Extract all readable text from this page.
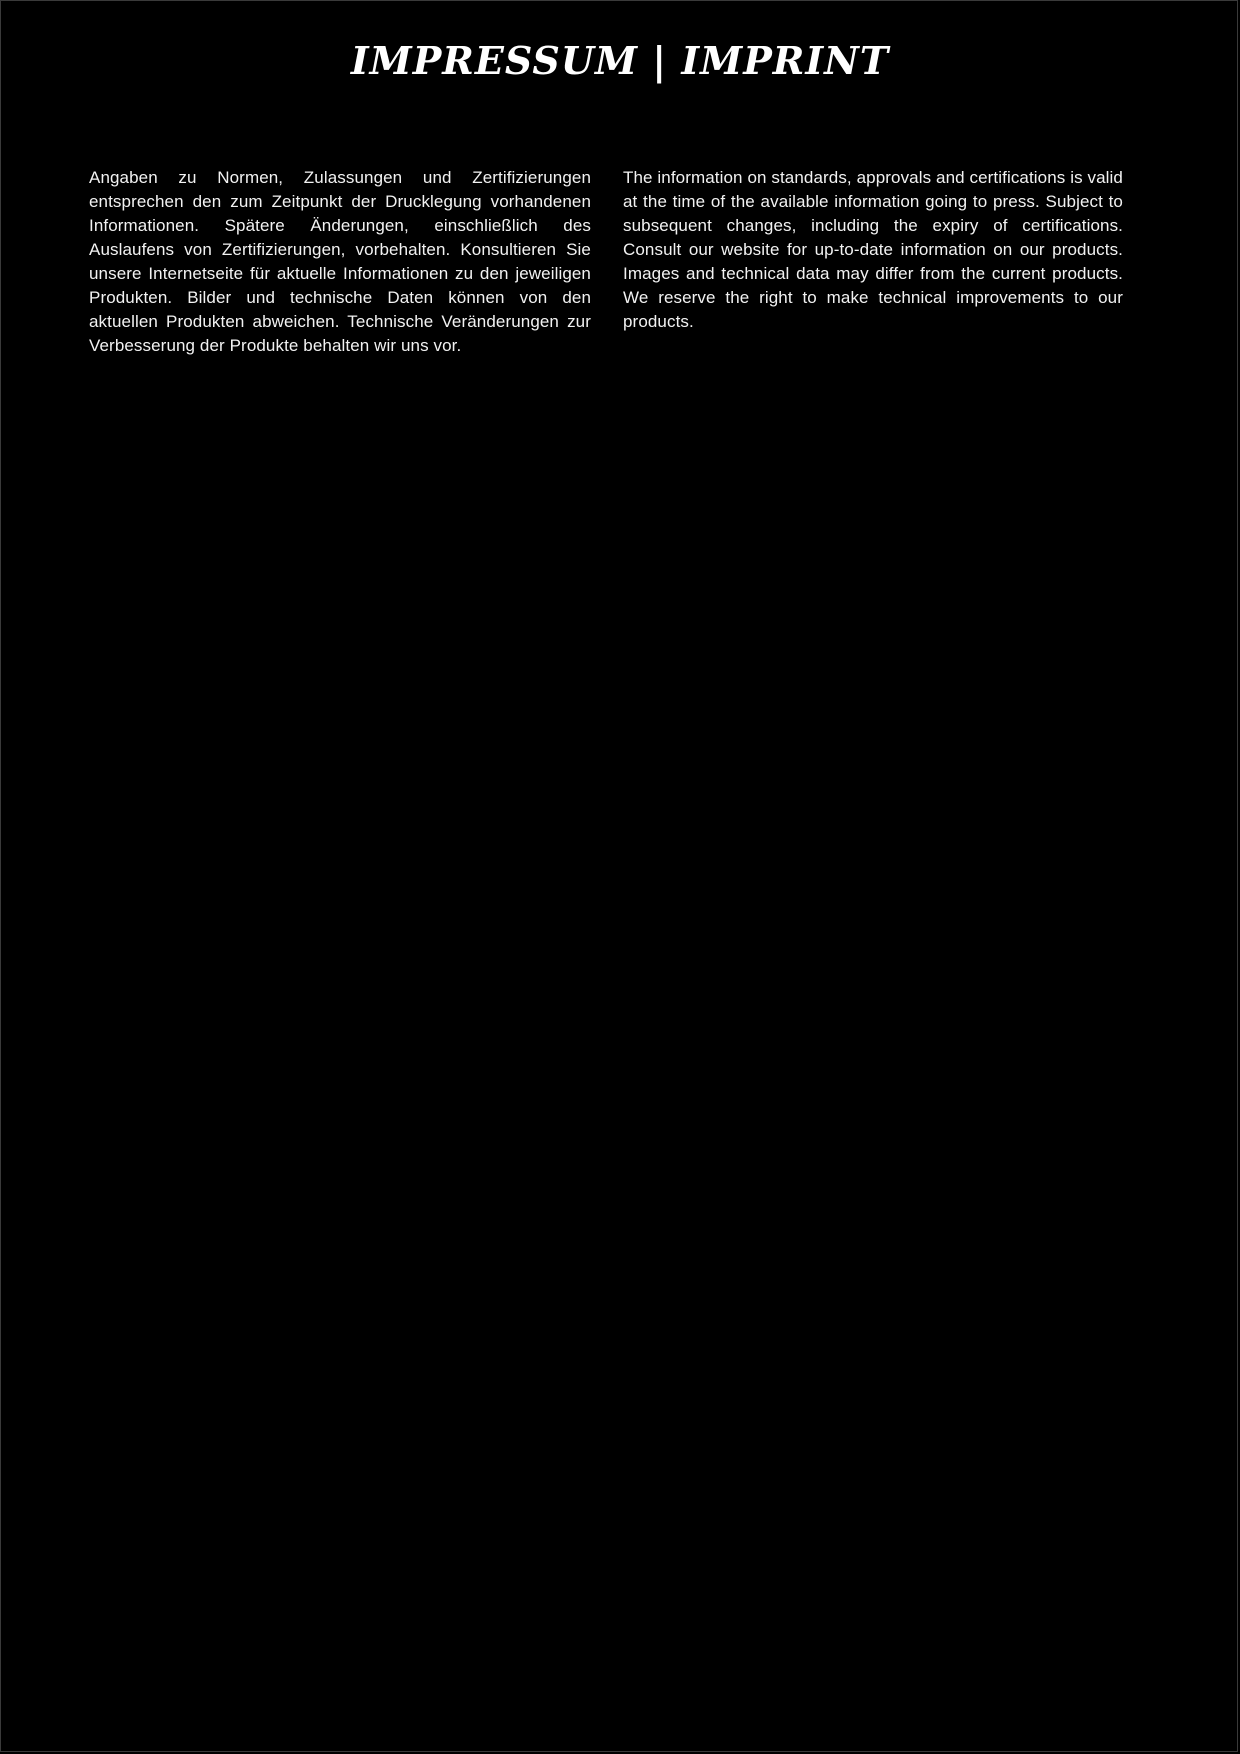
IMPRESSUM | IMPRINT

Angaben zu Normen, Zulassungen und Zertifizierungen entsprechen den zum Zeitpunkt der Drucklegung vorhandenen Informationen. Spätere Änderungen, einschließlich des Auslaufens von Zertifizierungen, vorbehalten. Konsultieren Sie unsere Internetseite für aktuelle Informationen zu den jeweiligen Produkten. Bilder und technische Daten können von den aktuellen Produkten abweichen. Technische Veränderungen zur Verbesserung der Produkte behalten wir uns vor.

The information on standards, approvals and certifications is valid at the time of the available information going to press. Subject to subsequent changes, including the expiry of certifications. Consult our website for up-to-date information on our products. Images and technical data may differ from the current products. We reserve the right to make technical improvements to our products.
